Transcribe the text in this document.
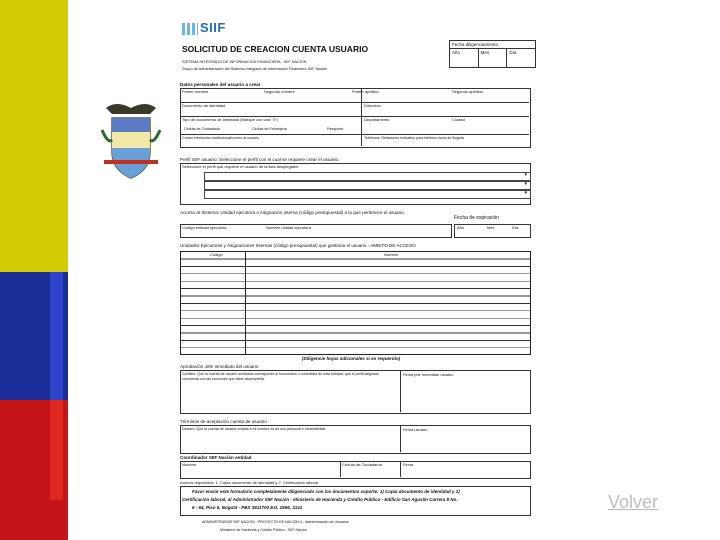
SIIF
SOLICITUD DE CREACION CUENTA USUARIO
SISTEMA INTEGRADO DE INFORMACION FINANCIERA - SIIF NACION
Grupo de Administración del Sistema Integrado de Información Financiera SIIF Nación
Fecha diligenciamiento
Año	Mes	Día
Datos personales del usuario a crear
Primer nombre	Segundo nombre	Primer apellido	Segundo apellido
Documento de identidad	Dirección
Tipo de documento de identidad (Marque con una "X")	Departamento	Ciudad
Cédula de Ciudadanía	Cédula de Extranjería	Pasaporte
Correo electrónico institucional/correo al usuario	Teléfonos, Relaciones indicativo para teléfono fuera de Bogotá
Perfil SIIF usuario: Seleccione el perfil con el cual se requiere crear el usuario.
Seleccione el perfil que requiere el usuario de la lista desplegable.
▾
▾
▾
Acceso al Sistema: Unidad ejecutora o Asignación interna (código presupuestal) a la que pertenece el usuario.
Fecha de expiración
Código entidad ejecutora	Nombre unidad ejecutora	Año	Mes	Día
Unidades Ejecutoras y Asignaciones Internas (código presupuestal) que gestiona el usuario - AMBITO DE ACCESO
Código	Nombre
(Diligencie hojas adicionales si es requerido)
Aprobación Jefe Inmediato del usuario
Certifico: Que la cuenta de usuario solicitada corresponde al funcionario o contratista de esta entidad, que el perfil asignado concuerda con las funciones que debe desempeñar.
Firma jefe inmediato usuario
Términos de aceptación cuenta de usuario
Declaro: Que la cuenta de usuario creada a mi nombre es de uso personal e intransferible.	Firma usuario
Coordinador SIIF Nación entidad
Nombre	Cédula de Ciudadanía	Firma
Anexos requeridos: 1. Copia documento de identidad y 2. Certificación laboral
Favor enviar este formulario completamente diligenciado con los documentos soporte: 1) Copia documento de identidad y 2)
Certificación laboral, al Administrador SIIF Nación - Ministerio de Hacienda y Crédito Público - Edificio San Agustín Carrera 8 No.
6 - 64, Piso 5, Bogotá - PBX 3811700 Ext. 2596, 3141
ADMINISTRADOR SIIF NACION - PROYECTO DE NACIÓN II - Administración de Usuarios
Ministerio de Hacienda y Crédito Público - SIIF Nación
Volver
